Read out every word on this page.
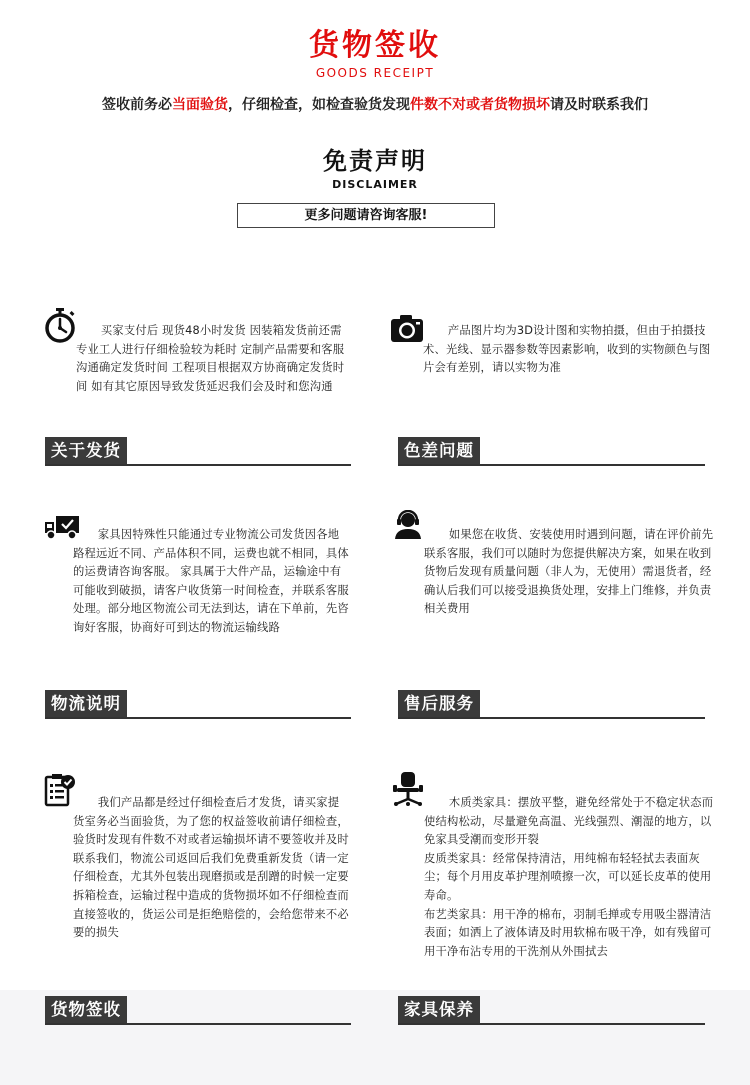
货物签收
GOODS RECEIPT
签收前务必当面验货，仔细检查，如检查验货发现件数不对或者货物损坏请及时联系我们
免责声明
DISCLAIMER
更多问题请咨询客服!

买家支付后 现货48小时发货 因装箱发货前还需专业工人进行仔细检验较为耗时 定制产品需要和客服沟通确定发货时间 工程项目根据双方协商确定发货时间 如有其它原因导致发货延迟我们会及时和您沟通

关于发货

产品图片均为3D设计图和实物拍摄，但由于拍摄技术、光线、显示器参数等因素影响，收到的实物颜色与图片会有差别，请以实物为准

色差问题

家具因特殊性只能通过专业物流公司发货因各地路程远近不同、产品体积不同，运费也就不相同，具体的运费请咨询客服。 家具属于大件产品，运输途中有可能收到破损，请客户收货第一时间检查，并联系客服处理。部分地区物流公司无法到达，请在下单前，先咨询好客服，协商好可到达的物流运输线路

物流说明

如果您在收货、安装使用时遇到问题，请在评价前先联系客服，我们可以随时为您提供解决方案，如果在收到货物后发现有质量问题（非人为，无使用）需退货者，经确认后我们可以接受退换货处理，安排上门维修，并负责相关费用

售后服务

我们产品都是经过仔细检查后才发货，请买家提货室务必当面验货，为了您的权益签收前请仔细检查，验货时发现有件数不对或者运输损坏请不要签收并及时联系我们，物流公司返回后我们免费重新发货（请一定仔细检查，尤其外包装出现磨损或是刮蹭的时候一定要拆箱检查，运输过程中造成的货物损坏如不仔细检查而直接签收的，货运公司是拒绝赔偿的，会给您带来不必要的损失

木质类家具：摆放平整，避免经常处于不稳定状态而使结构松动，尽量避免高温、光线强烈、潮湿的地方，以免家具受潮而变形开裂

皮质类家具：经常保持清洁，用纯棉布轻轻拭去表面灰尘；每个月用皮革护理剂喷擦一次，可以延长皮革的使用寿命。
布艺类家具：用干净的棉布，羽制毛掸或专用吸尘器清洁表面；如洒上了液体请及时用软棉布吸干净，如有残留可用干净布沾专用的干洗剂从外围拭去
货物签收	家具保养
